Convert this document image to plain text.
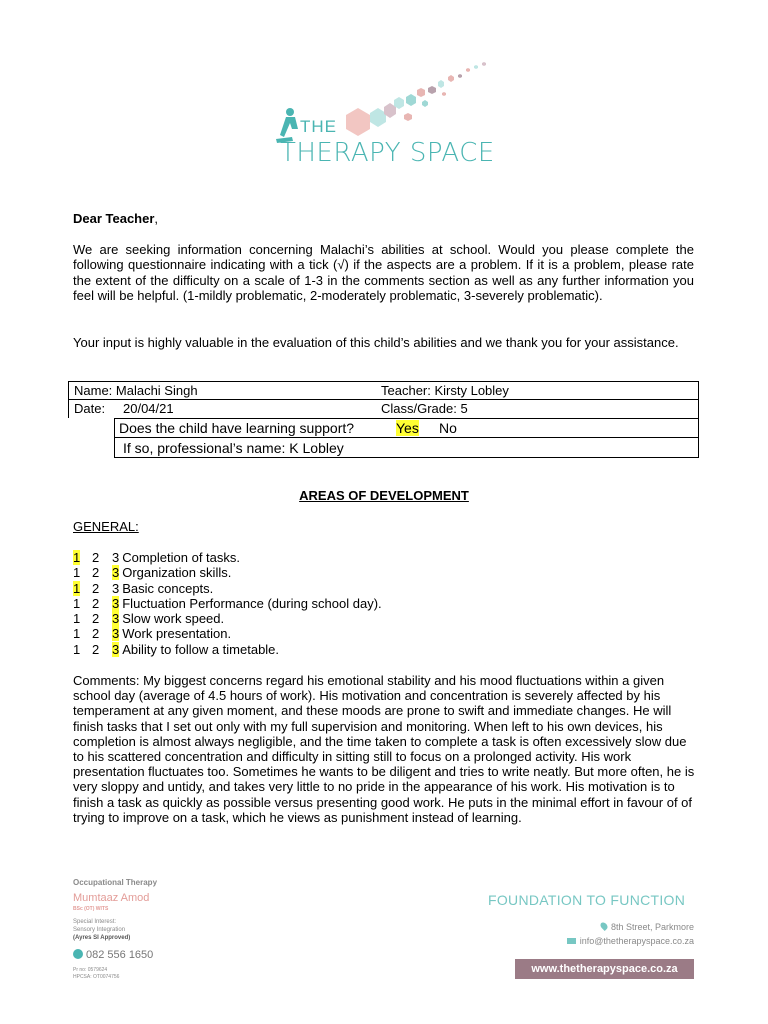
THE
THERAPY SPACE
Dear Teacher,
We are seeking information concerning Malachi’s abilities at school. Would you please complete the following questionnaire indicating with a tick (√) if the aspects are a problem. If it is a problem, please rate the extent of the difficulty on a scale of 1-3 in the comments section as well as any further information you feel will be helpful. (1-mildly problematic, 2-moderately problematic, 3-severely problematic).
Your input is highly valuable in the evaluation of this child’s abilities and we thank you for your assistance.
Name: Malachi Singh	Teacher: Kirsty Lobley
Date: 20/04/21	Class/Grade: 5
Does the child have learning support?	Yes No
If so, professional’s name: K Lobley
AREAS OF DEVELOPMENT
GENERAL:
1 2 3 Completion of tasks.
1 2 3 Organization skills.
1 2 3 Basic concepts.
1 2 3 Fluctuation Performance (during school day).
1 2 3 Slow work speed.
1 2 3 Work presentation.
1 2 3 Ability to follow a timetable.
Comments: My biggest concerns regard his emotional stability and his mood fluctuations within a given school day (average of 4.5 hours of work). His motivation and concentration is severely affected by his temperament at any given moment, and these moods are prone to swift and immediate changes. He will finish tasks that I set out only with my full supervision and monitoring. When left to his own devices, his completion is almost always negligible, and the time taken to complete a task is often excessively slow due to his scattered concentration and difficulty in sitting still to focus on a prolonged activity. His work presentation fluctuates too. Sometimes he wants to be diligent and tries to write neatly. But more often, he is very sloppy and untidy, and takes very little to no pride in the appearance of his work. His motivation is to finish a task as quickly as possible versus presenting good work. He puts in the minimal effort in favour of of trying to improve on a task, which he views as punishment instead of learning.
Occupational Therapy
Mumtaaz Amod
BSc (OT) WITS
Special Interest:
Sensory Integration
(Ayres SI Approved)
082 556 1650
Pr no: 0579624
HPCSA: OT0074756
FOUNDATION TO FUNCTION
8th Street, Parkmore
info@thetherapyspace.co.za
www.thetherapyspace.co.za
